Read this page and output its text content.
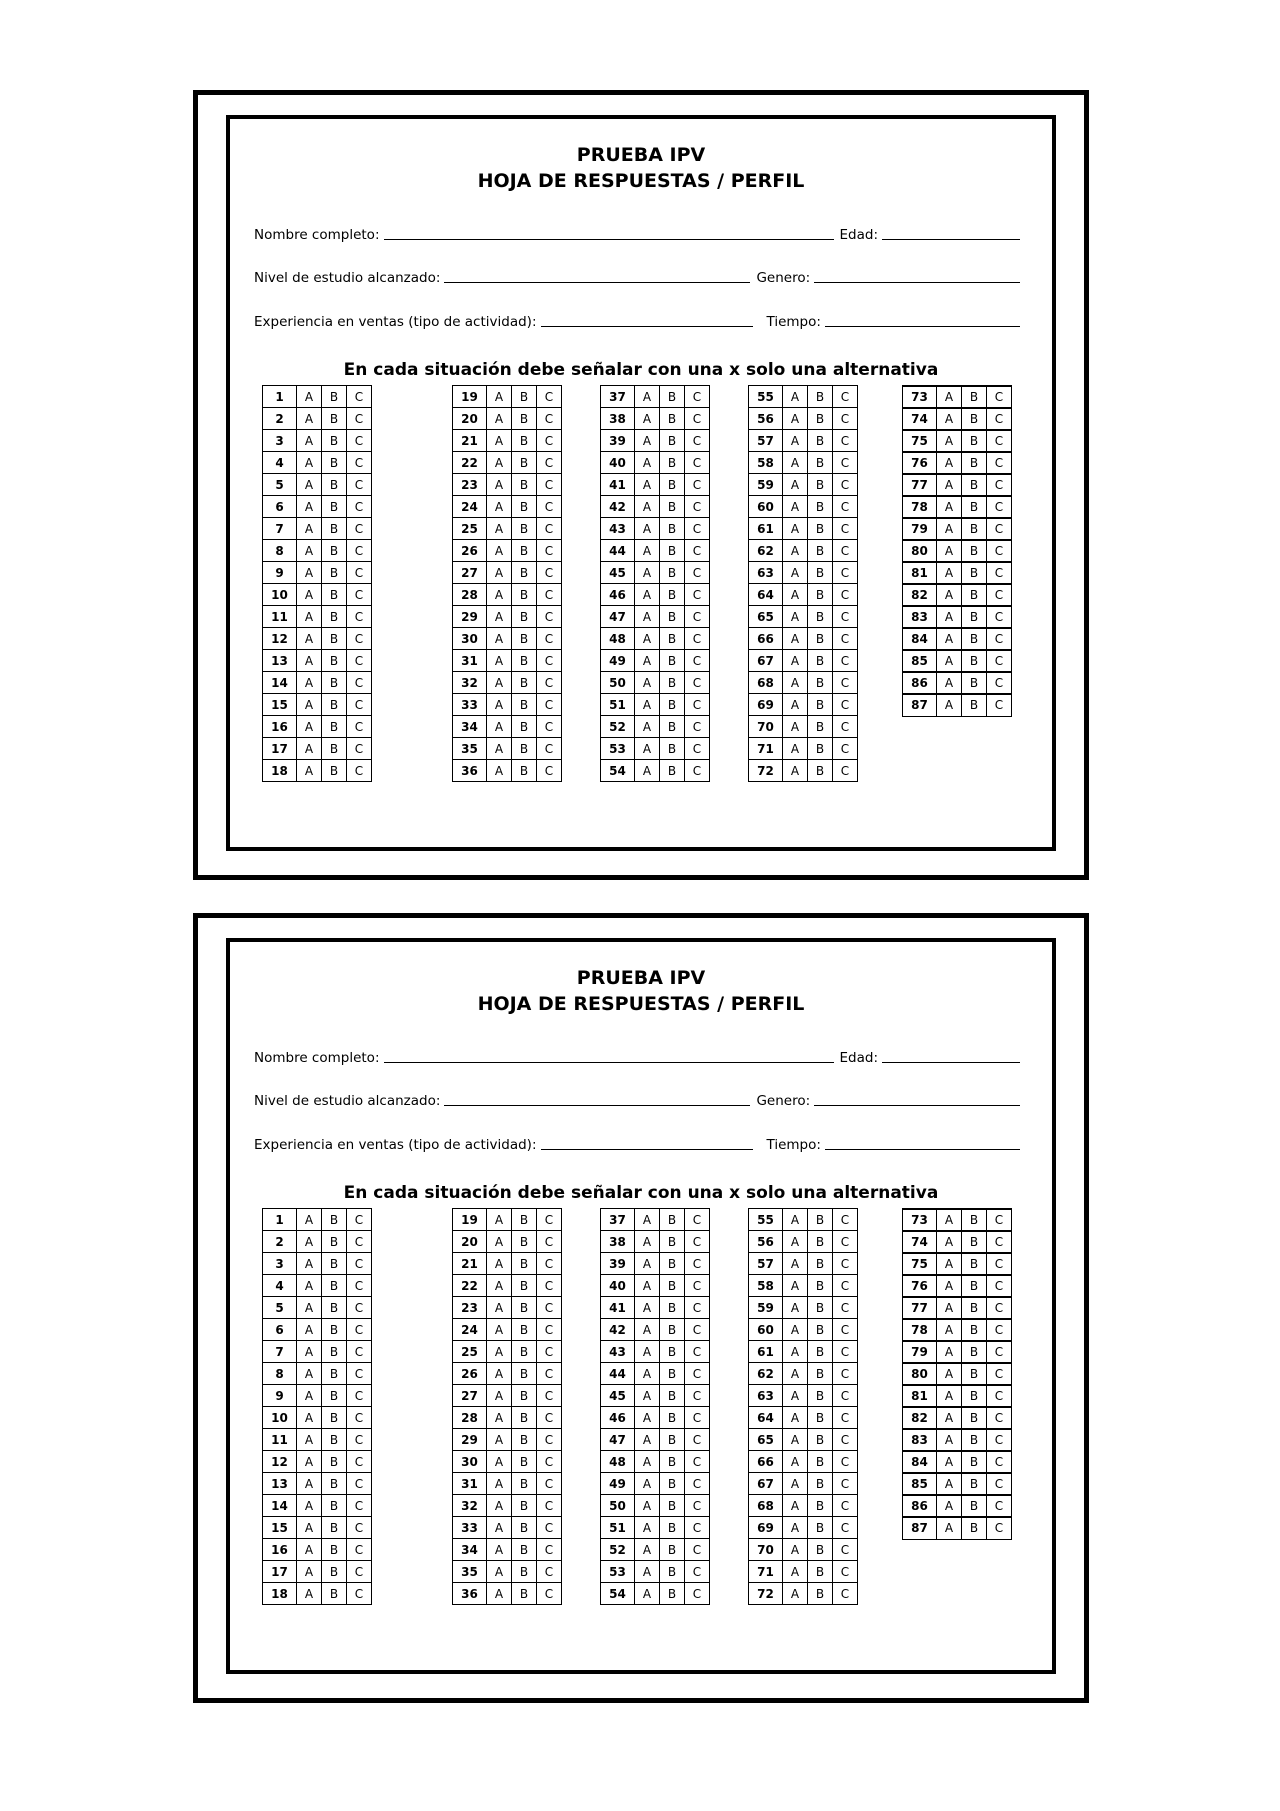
PRUEBA IPV
HOJA DE RESPUESTAS / PERFIL
Nombre completo:	Edad:
Nivel de estudio alcanzado:	Genero:
Experiencia en ventas (tipo de actividad):	Tiempo:
En cada situación debe señalar con una x solo una alternativa
1	A	B	C
2	A	B	C
3	A	B	C
4	A	B	C
5	A	B	C
6	A	B	C
7	A	B	C
8	A	B	C
9	A	B	C
10	A	B	C
11	A	B	C
12	A	B	C
13	A	B	C
14	A	B	C
15	A	B	C
16	A	B	C
17	A	B	C
18	A	B	C
19	A	B	C
20	A	B	C
21	A	B	C
22	A	B	C
23	A	B	C
24	A	B	C
25	A	B	C
26	A	B	C
27	A	B	C
28	A	B	C
29	A	B	C
30	A	B	C
31	A	B	C
32	A	B	C
33	A	B	C
34	A	B	C
35	A	B	C
36	A	B	C
37	A	B	C
38	A	B	C
39	A	B	C
40	A	B	C
41	A	B	C
42	A	B	C
43	A	B	C
44	A	B	C
45	A	B	C
46	A	B	C
47	A	B	C
48	A	B	C
49	A	B	C
50	A	B	C
51	A	B	C
52	A	B	C
53	A	B	C
54	A	B	C
55	A	B	C
56	A	B	C
57	A	B	C
58	A	B	C
59	A	B	C
60	A	B	C
61	A	B	C
62	A	B	C
63	A	B	C
64	A	B	C
65	A	B	C
66	A	B	C
67	A	B	C
68	A	B	C
69	A	B	C
70	A	B	C
71	A	B	C
72	A	B	C
73	A	B	C
74	A	B	C
75	A	B	C
76	A	B	C
77	A	B	C
78	A	B	C
79	A	B	C
80	A	B	C
81	A	B	C
82	A	B	C
83	A	B	C
84	A	B	C
85	A	B	C
86	A	B	C
87	A	B	C
PRUEBA IPV
HOJA DE RESPUESTAS / PERFIL
Nombre completo:	Edad:
Nivel de estudio alcanzado:	Genero:
Experiencia en ventas (tipo de actividad):	Tiempo:
En cada situación debe señalar con una x solo una alternativa
1	A	B	C
2	A	B	C
3	A	B	C
4	A	B	C
5	A	B	C
6	A	B	C
7	A	B	C
8	A	B	C
9	A	B	C
10	A	B	C
11	A	B	C
12	A	B	C
13	A	B	C
14	A	B	C
15	A	B	C
16	A	B	C
17	A	B	C
18	A	B	C
19	A	B	C
20	A	B	C
21	A	B	C
22	A	B	C
23	A	B	C
24	A	B	C
25	A	B	C
26	A	B	C
27	A	B	C
28	A	B	C
29	A	B	C
30	A	B	C
31	A	B	C
32	A	B	C
33	A	B	C
34	A	B	C
35	A	B	C
36	A	B	C
37	A	B	C
38	A	B	C
39	A	B	C
40	A	B	C
41	A	B	C
42	A	B	C
43	A	B	C
44	A	B	C
45	A	B	C
46	A	B	C
47	A	B	C
48	A	B	C
49	A	B	C
50	A	B	C
51	A	B	C
52	A	B	C
53	A	B	C
54	A	B	C
55	A	B	C
56	A	B	C
57	A	B	C
58	A	B	C
59	A	B	C
60	A	B	C
61	A	B	C
62	A	B	C
63	A	B	C
64	A	B	C
65	A	B	C
66	A	B	C
67	A	B	C
68	A	B	C
69	A	B	C
70	A	B	C
71	A	B	C
72	A	B	C
73	A	B	C
74	A	B	C
75	A	B	C
76	A	B	C
77	A	B	C
78	A	B	C
79	A	B	C
80	A	B	C
81	A	B	C
82	A	B	C
83	A	B	C
84	A	B	C
85	A	B	C
86	A	B	C
87	A	B	C
